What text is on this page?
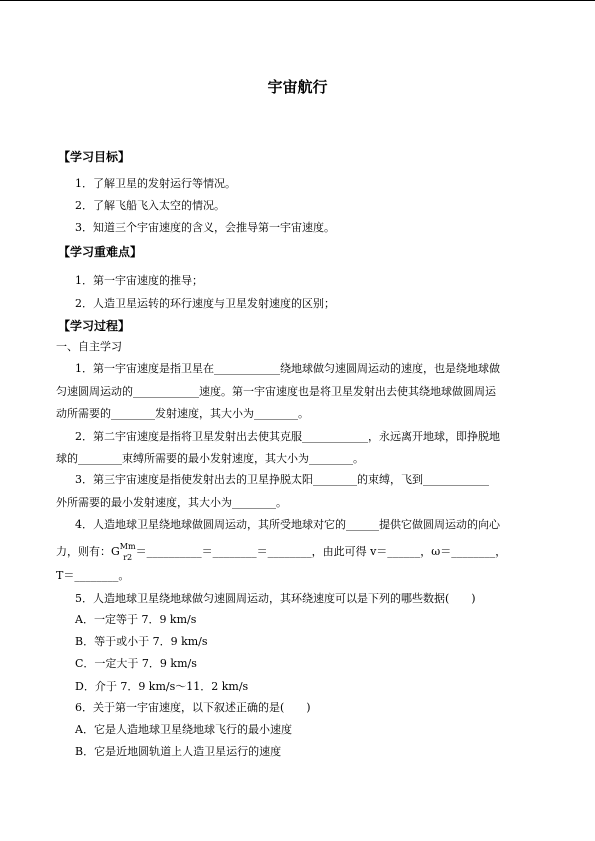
宇宙航行
【学习目标】
1．了解卫星的发射运行等情况。
2．了解飞船飞入太空的情况。
3．知道三个宇宙速度的含义，会推导第一宇宙速度。
【学习重难点】
1．第一宇宙速度的推导；
2．人造卫星运转的环行速度与卫星发射速度的区别；
【学习过程】
一、自主学习
1．第一宇宙速度是指卫星在____________绕地球做匀速圆周运动的速度，也是绕地球做
匀速圆周运动的____________速度。第一宇宙速度也是将卫星发射出去使其绕地球做圆周运
动所需要的________发射速度，其大小为________。
2．第二宇宙速度是指将卫星发射出去使其克服____________，永远离开地球，即挣脱地
球的________束缚所需要的最小发射速度，其大小为________。
3．第三宇宙速度是指使发射出去的卫星挣脱太阳________的束缚，飞到____________
外所需要的最小发射速度，其大小为________。
4．人造地球卫星绕地球做圆周运动，其所受地球对它的______提供它做圆周运动的向心
力，则有：G Mm
r2 ＝__________＝________＝________，由此可得 v＝______，ω＝________，
T＝________。
5．人造地球卫星绕地球做匀速圆周运动，其环绕速度可以是下列的哪些数据(　　)
A．一定等于 7．9 km/s
B．等于或小于 7．9 km/s
C．一定大于 7．9 km/s
D．介于 7．9 km/s～11．2 km/s
6．关于第一宇宙速度，以下叙述正确的是(　　)
A．它是人造地球卫星绕地球飞行的最小速度
B．它是近地圆轨道上人造卫星运行的速度
